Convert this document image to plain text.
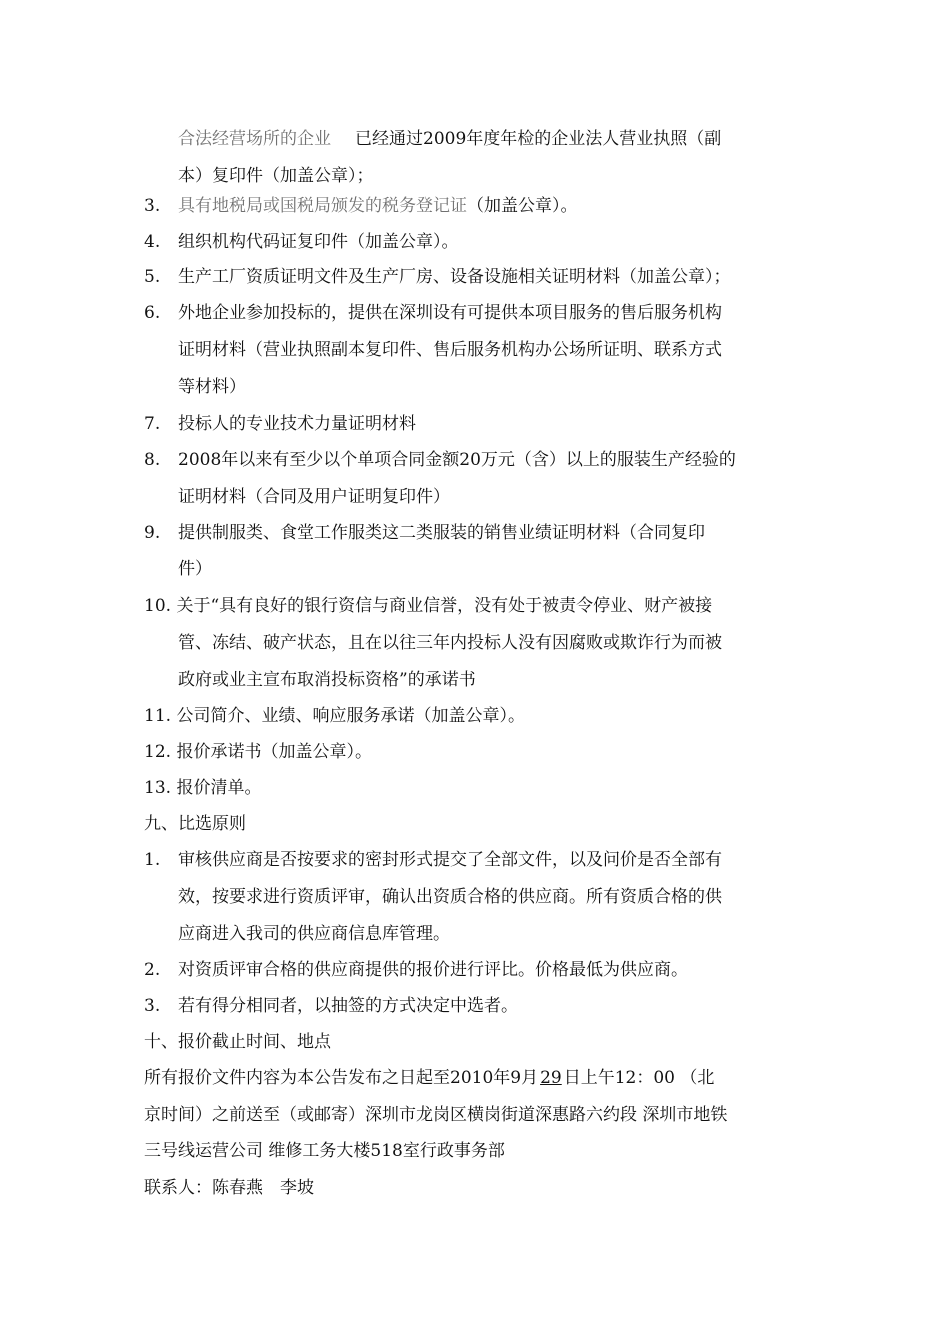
合法经营场所的企业 已经通过2009年度年检的企业法人营业执照（副
本）复印件（加盖公章）；
3. 具有地税局或国税局颁发的税务登记证（加盖公章）。
4. 组织机构代码证复印件（加盖公章）。
5. 生产工厂资质证明文件及生产厂房、设备设施相关证明材料（加盖公章）；
6. 外地企业参加投标的，提供在深圳设有可提供本项目服务的售后服务机构
证明材料（营业执照副本复印件、售后服务机构办公场所证明、联系方式
等材料）
7. 投标人的专业技术力量证明材料
8. 2008年以来有至少以个单项合同金额20万元（含）以上的服装生产经验的
证明材料（合同及用户证明复印件）
9. 提供制服类、食堂工作服类这二类服装的销售业绩证明材料（合同复印
件）
10. 关于“具有良好的银行资信与商业信誉，没有处于被责令停业、财产被接
管、冻结、破产状态，且在以往三年内投标人没有因腐败或欺诈行为而被
政府或业主宣布取消投标资格”的承诺书
11. 公司简介、业绩、响应服务承诺（加盖公章）。
12. 报价承诺书（加盖公章）。
13. 报价清单。
九、比选原则
1. 审核供应商是否按要求的密封形式提交了全部文件，以及问价是否全部有
效，按要求进行资质评审，确认出资质合格的供应商。所有资质合格的供
应商进入我司的供应商信息库管理。
2. 对资质评审合格的供应商提供的报价进行评比。价格最低为供应商。
3. 若有得分相同者，以抽签的方式决定中选者。
十、报价截止时间、地点
所有报价文件内容为本公告发布之日起至2010年9月 29 日上午12：00 （北
京时间）之前送至（或邮寄）深圳市龙岗区横岗街道深惠路六约段 深圳市地铁
三号线运营公司 维修工务大楼518室行政事务部
联系人：陈春燕　李坡
